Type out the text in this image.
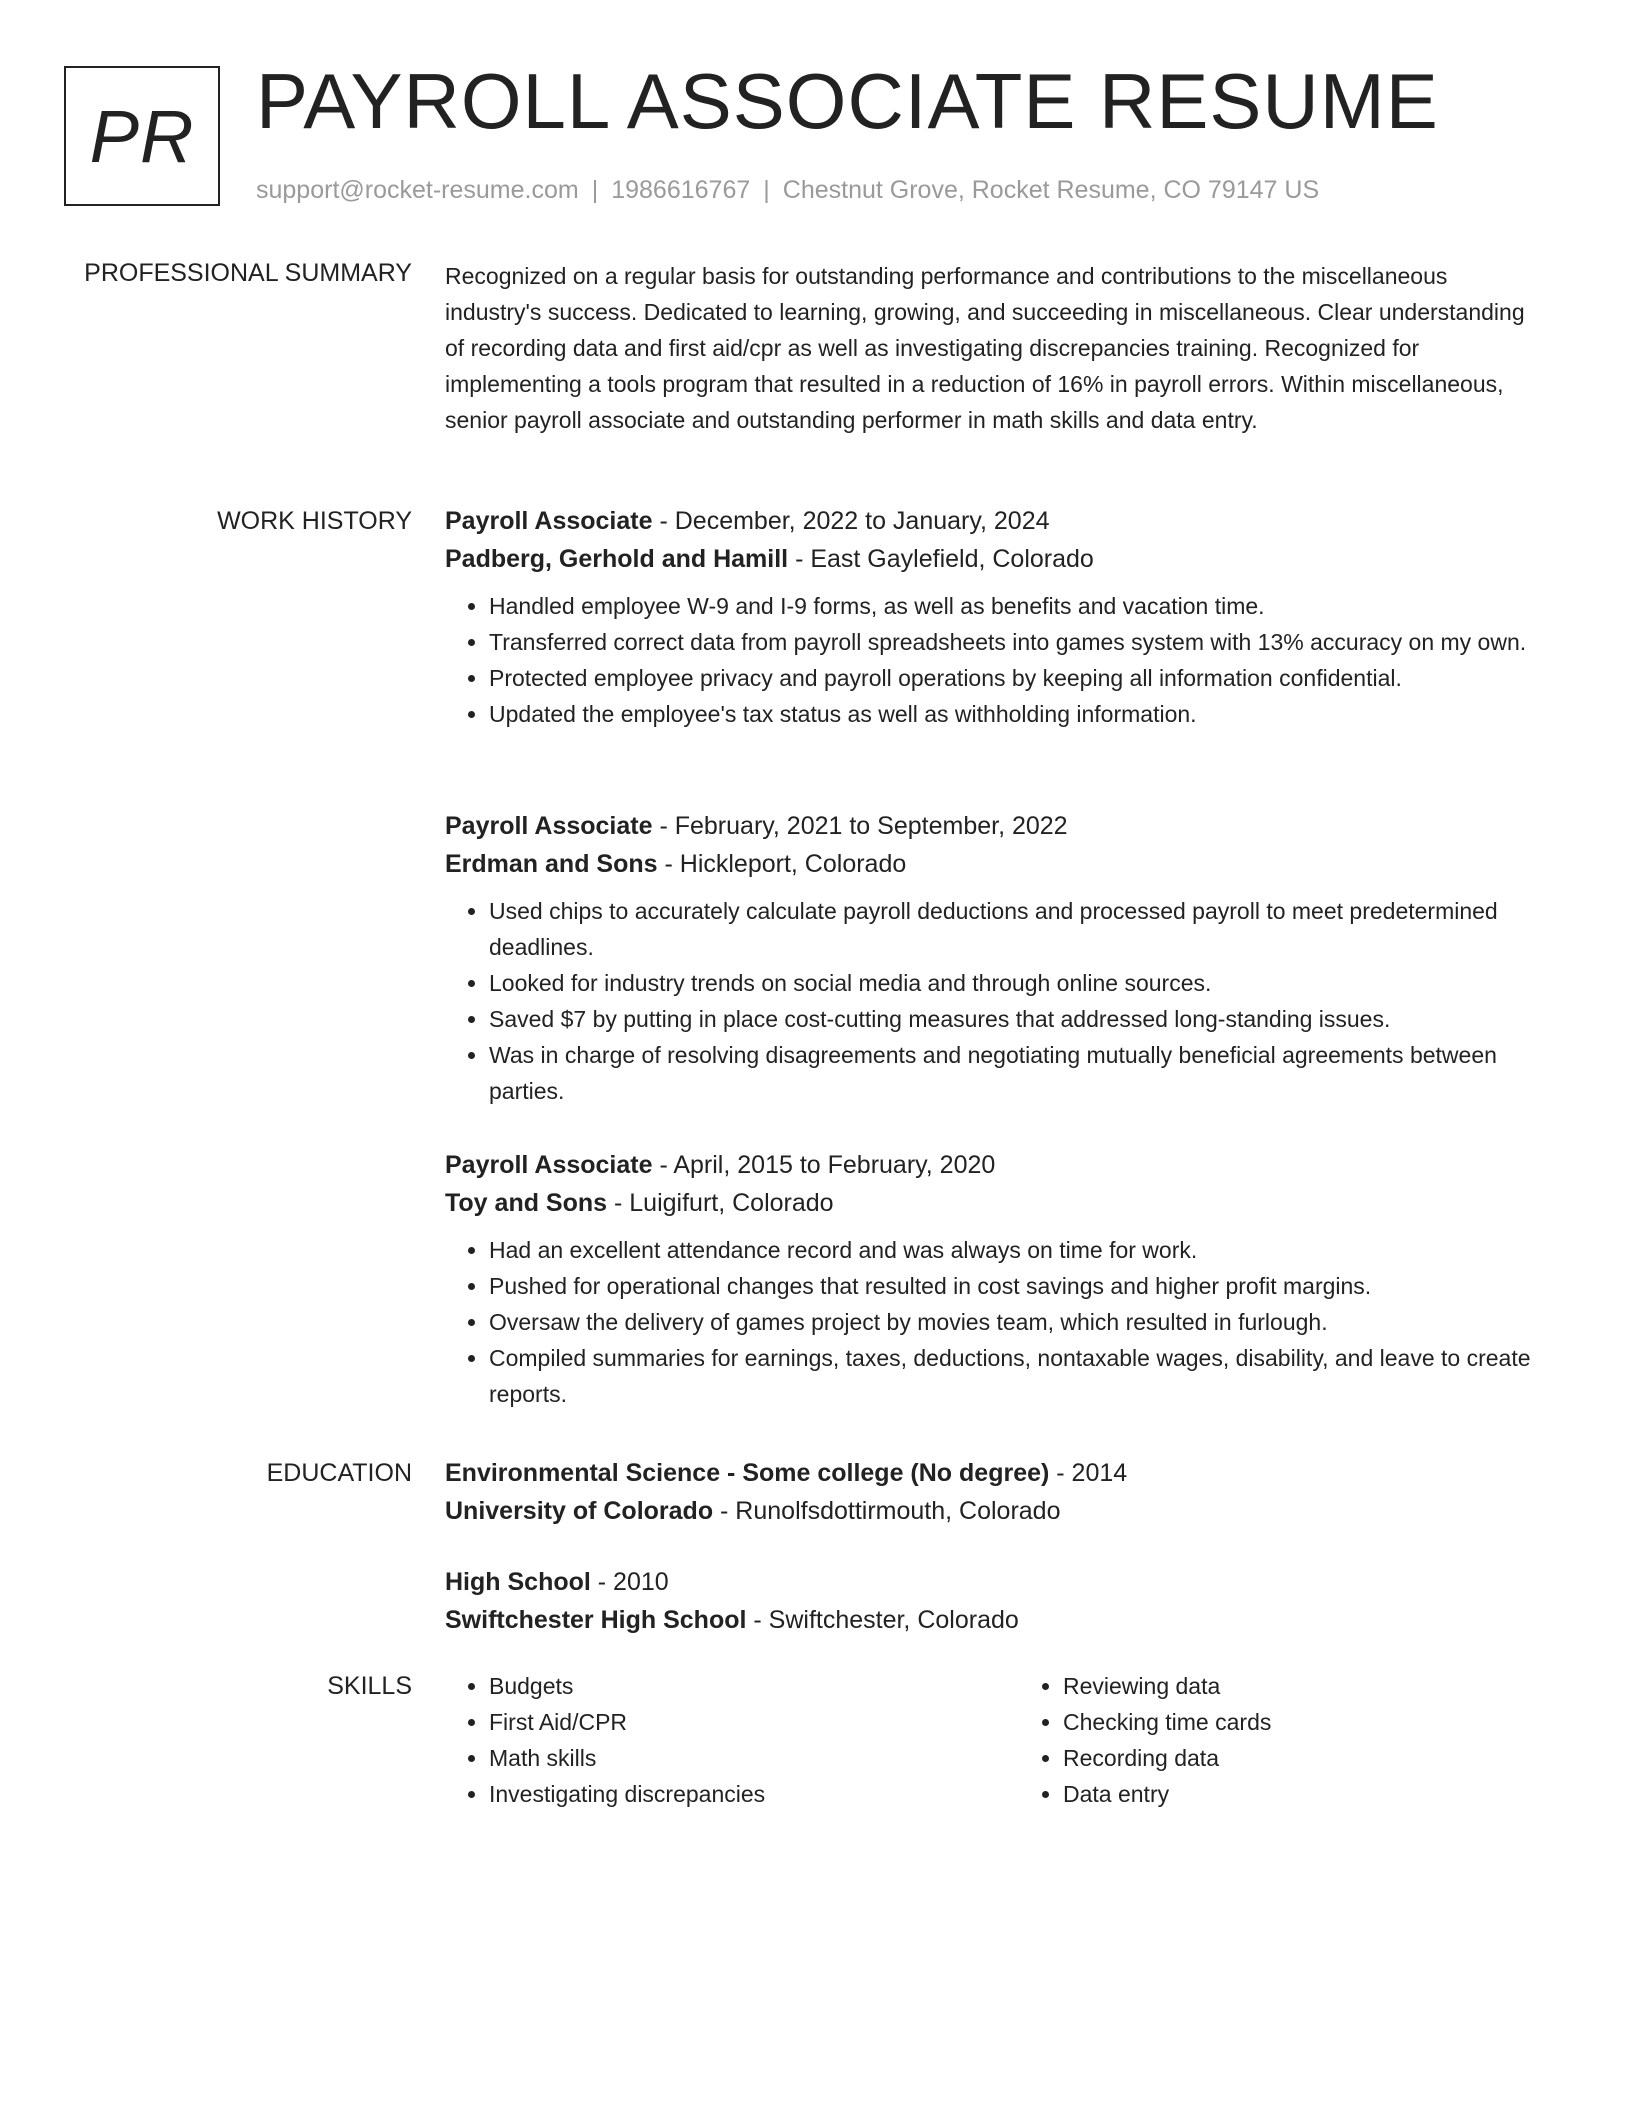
PR PAYROLL ASSOCIATE RESUME
support@rocket-resume.com | 1986616767 | Chestnut Grove, Rocket Resume, CO 79147 US
PROFESSIONAL SUMMARY Recognized on a regular basis for outstanding performance and contributions to the miscellaneous industry's success. Dedicated to learning, growing, and succeeding in miscellaneous. Clear understanding of recording data and first aid/cpr as well as investigating discrepancies training. Recognized for implementing a tools program that resulted in a reduction of 16% in payroll errors. Within miscellaneous, senior payroll associate and outstanding performer in math skills and data entry.

WORK HISTORY Payroll Associate - December, 2022 to January, 2024
Padberg, Gerhold and Hamill - East Gaylefield, Colorado
• Handled employee W-9 and I-9 forms, as well as benefits and vacation time.
• Transferred correct data from payroll spreadsheets into games system with 13% accuracy on my own.
• Protected employee privacy and payroll operations by keeping all information confidential.
• Updated the employee's tax status as well as withholding information.
Payroll Associate - February, 2021 to September, 2022
Erdman and Sons - Hickleport, Colorado
• Used chips to accurately calculate payroll deductions and processed payroll to meet predetermined deadlines.
• Looked for industry trends on social media and through online sources.
• Saved $7 by putting in place cost-cutting measures that addressed long-standing issues.
• Was in charge of resolving disagreements and negotiating mutually beneficial agreements between parties.
Payroll Associate - April, 2015 to February, 2020
Toy and Sons - Luigifurt, Colorado
• Had an excellent attendance record and was always on time for work.
• Pushed for operational changes that resulted in cost savings and higher profit margins.
• Oversaw the delivery of games project by movies team, which resulted in furlough.
• Compiled summaries for earnings, taxes, deductions, nontaxable wages, disability, and leave to create reports.
EDUCATION Environmental Science - Some college (No degree) - 2014
University of Colorado - Runolfsdottirmouth, Colorado
High School - 2010
Swiftchester High School - Swiftchester, Colorado
SKILLS
•	Budgets
• First Aid/CPR
• Math skills
• Investigating discrepancies
• Reviewing data
• Checking time cards
• Recording data
• Data entry
